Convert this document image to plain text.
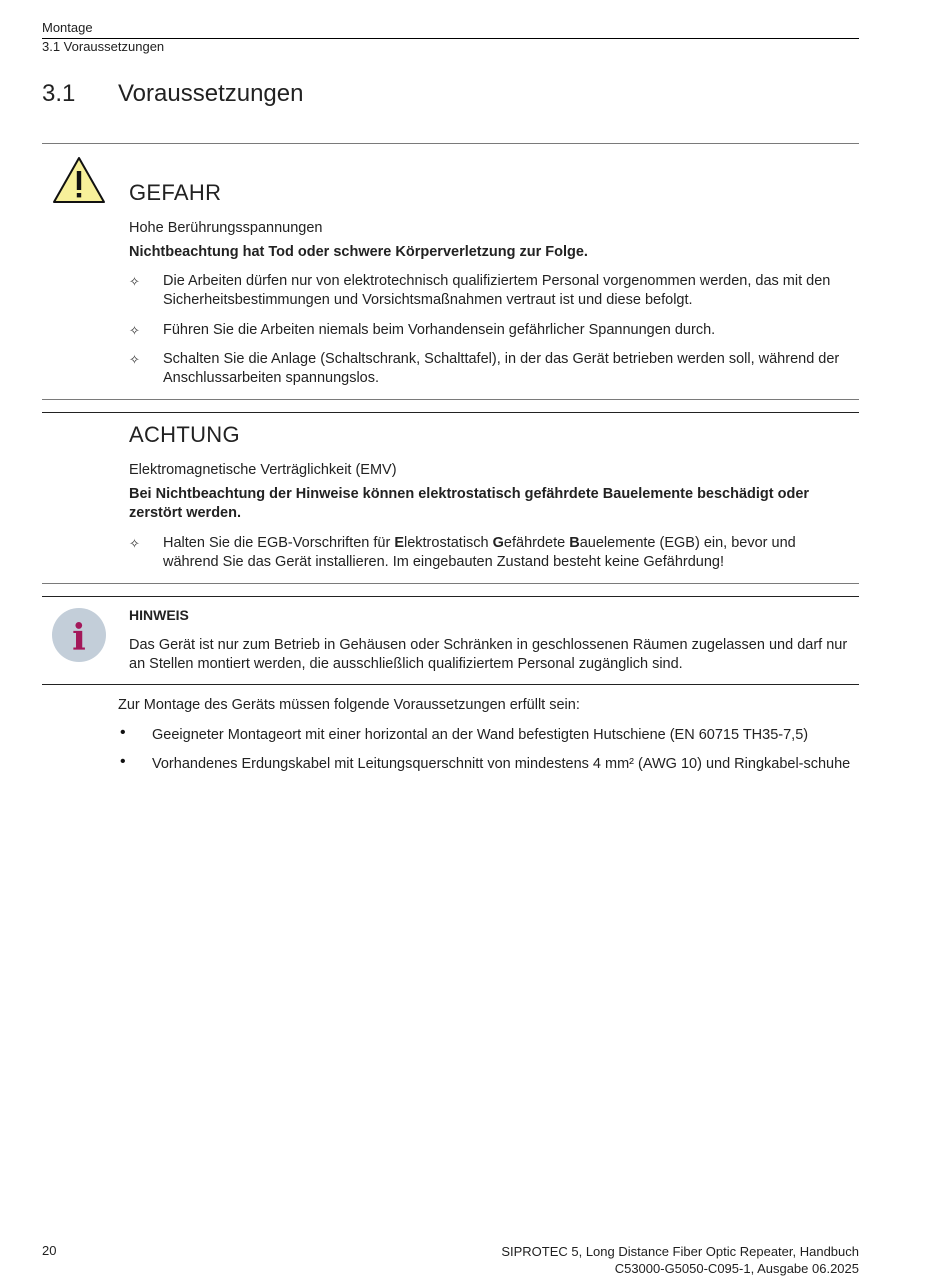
Montage
3.1 Voraussetzungen
3.1 Voraussetzungen
GEFAHR
Hohe Berührungsspannungen
Nichtbeachtung hat Tod oder schwere Körperverletzung zur Folge.
✧ Die Arbeiten dürfen nur von elektrotechnisch qualifiziertem Personal vorgenommen werden, das mit den Sicherheitsbestimmungen und Vorsichtsmaßnahmen vertraut ist und diese befolgt.
✧ Führen Sie die Arbeiten niemals beim Vorhandensein gefährlicher Spannungen durch.
✧ Schalten Sie die Anlage (Schaltschrank, Schalttafel), in der das Gerät betrieben werden soll, während der Anschlussarbeiten spannungslos.
ACHTUNG
Elektromagnetische Verträglichkeit (EMV)
Bei Nichtbeachtung der Hinweise können elektrostatisch gefährdete Bauelemente beschädigt oder zerstört werden.
✧ Halten Sie die EGB-Vorschriften für Elektrostatisch Gefährdete Bauelemente (EGB) ein, bevor und während Sie das Gerät installieren. Im eingebauten Zustand besteht keine Gefährdung!
i
HINWEIS
Das Gerät ist nur zum Betrieb in Gehäusen oder Schränken in geschlossenen Räumen zugelassen und darf nur an Stellen montiert werden, die ausschließlich qualifiziertem Personal zugänglich sind.
Zur Montage des Geräts müssen folgende Voraussetzungen erfüllt sein:
• Geeigneter Montageort mit einer horizontal an der Wand befestigten Hutschiene (EN 60715 TH35-7,5)
• Vorhandenes Erdungskabel mit Leitungsquerschnitt von mindestens 4 mm² (AWG 10) und Ringkabel-schuhe
20	SIPROTEC 5, Long Distance Fiber Optic Repeater, Handbuch
C53000-G5050-C095-1, Ausgabe 06.2025
